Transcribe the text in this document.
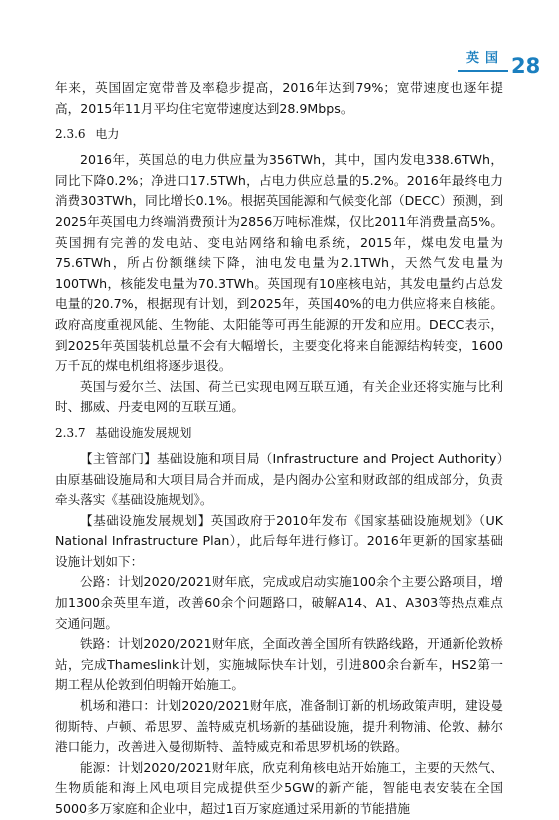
英国 28

年来，英国固定宽带普及率稳步提高，2016年达到79%；宽带速度也逐年提高，2015年11月平均住宅宽带速度达到28.9Mbps。

2.3.6 电力

2016年，英国总的电力供应量为356TWh，其中，国内发电338.6TWh，同比下降0.2%；净进口17.5TWh，占电力供应总量的5.2%。2016年最终电力消费303TWh，同比增长0.1%。根据英国能源和气候变化部（DECC）预测，到2025年英国电力终端消费预计为2856万吨标准煤，仅比2011年消费量高5%。英国拥有完善的发电站、变电站网络和输电系统，2015年，煤电发电量为75.6TWh，所占份额继续下降，油电发电量为2.1TWh，天然气发电量为100TWh，核能发电量为70.3TWh。英国现有10座核电站，其发电量约占总发电量的20.7%，根据现有计划，到2025年，英国40%的电力供应将来自核能。政府高度重视风能、生物能、太阳能等可再生能源的开发和应用。DECC表示，到2025年英国装机总量不会有大幅增长，主要变化将来自能源结构转变，1600万千瓦的煤电机组将逐步退役。

英国与爱尔兰、法国、荷兰已实现电网互联互通，有关企业还将实施与比利时、挪威、丹麦电网的互联互通。

2.3.7 基础设施发展规划

【主管部门】基础设施和项目局（Infrastructure and Project Authority）由原基础设施局和大项目局合并而成，是内阁办公室和财政部的组成部分，负责牵头落实《基础设施规划》。

【基础设施发展规划】英国政府于2010年发布《国家基础设施规划》（UK National Infrastructure Plan），此后每年进行修订。2016年更新的国家基础设施计划如下：

公路：计划2020/2021财年底，完成或启动实施100余个主要公路项目，增加1300余英里车道，改善60余个问题路口，破解A14、A1、A303等热点难点交通问题。

铁路：计划2020/2021财年底，全面改善全国所有铁路线路，开通新伦敦桥站，完成Thameslink计划，实施城际快车计划，引进800余台新车，HS2第一期工程从伦敦到伯明翰开始施工。

机场和港口：计划2020/2021财年底，准备制订新的机场政策声明，建设曼彻斯特、卢顿、希思罗、盖特威克机场新的基础设施，提升利物浦、伦敦、赫尔港口能力，改善进入曼彻斯特、盖特威克和希思罗机场的铁路。

能源：计划2020/2021财年底，欣克利角核电站开始施工，主要的天然气、生物质能和海上风电项目完成提供至少5GW的新产能，智能电表安装在全国5000多万家庭和企业中，超过1百万家庭通过采用新的节能措施
